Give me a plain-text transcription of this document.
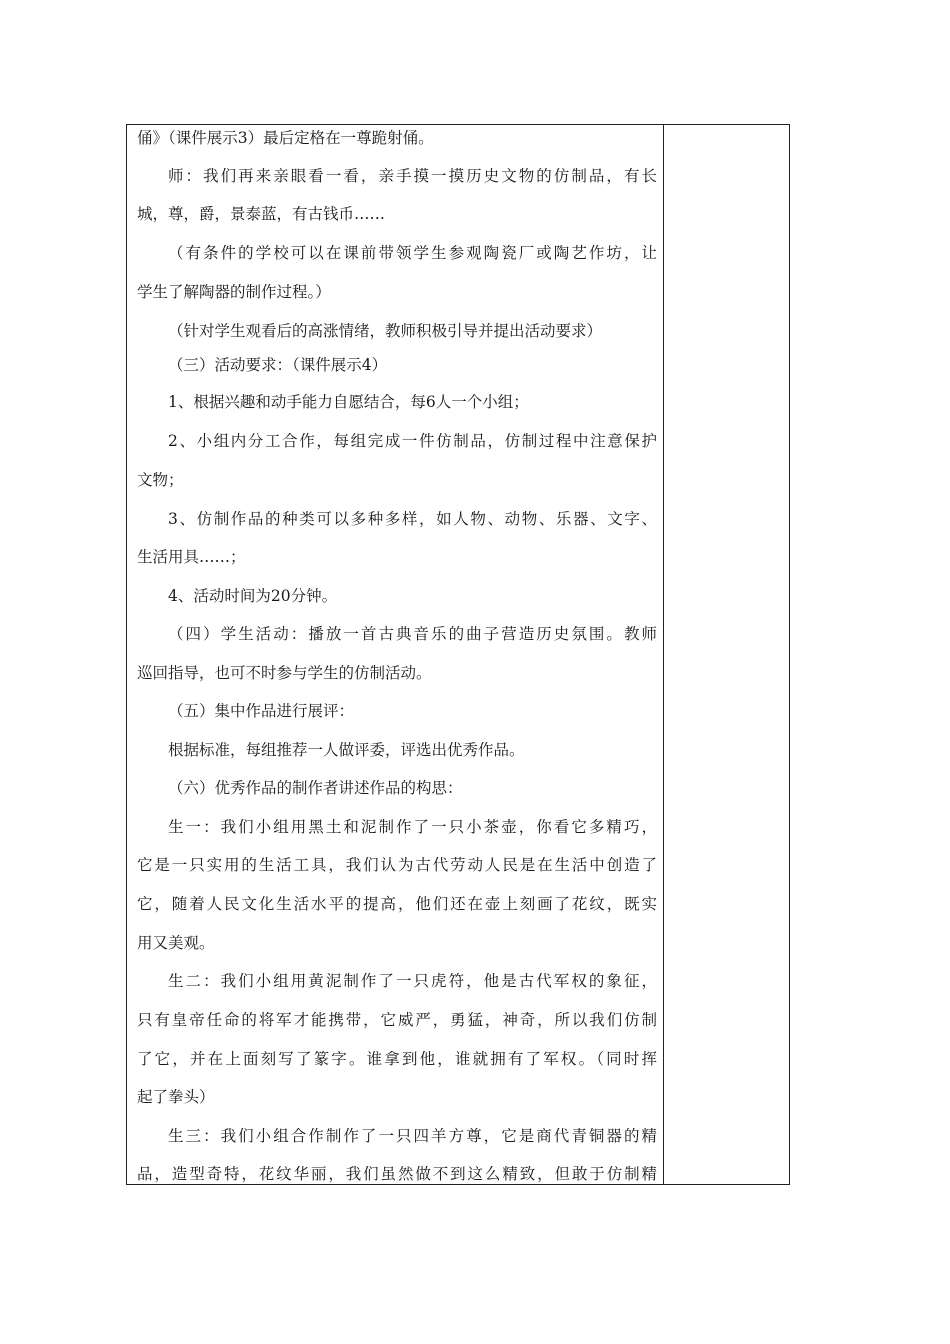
俑》（课件展示3）最后定格在一尊跪射俑。
师：我们再来亲眼看一看，亲手摸一摸历史文物的仿制品，有长
城，尊，爵，景泰蓝，有古钱币……
（有条件的学校可以在课前带领学生参观陶瓷厂或陶艺作坊，让
学生了解陶器的制作过程。）
（针对学生观看后的高涨情绪，教师积极引导并提出活动要求）
（三）活动要求：（课件展示4）
1、根据兴趣和动手能力自愿结合，每6人一个小组；
2、小组内分工合作，每组完成一件仿制品，仿制过程中注意保护
文物；
3、仿制作品的种类可以多种多样，如人物、动物、乐器、文字、
生活用具……；
4、活动时间为20分钟。
（四）学生活动：播放一首古典音乐的曲子营造历史氛围。教师
巡回指导，也可不时参与学生的仿制活动。
（五）集中作品进行展评：
根据标准，每组推荐一人做评委，评选出优秀作品。
（六）优秀作品的制作者讲述作品的构思：
生一：我们小组用黑土和泥制作了一只小茶壶，你看它多精巧，
它是一只实用的生活工具，我们认为古代劳动人民是在生活中创造了
它，随着人民文化生活水平的提高，他们还在壶上刻画了花纹，既实
用又美观。
生二：我们小组用黄泥制作了一只虎符，他是古代军权的象征，
只有皇帝任命的将军才能携带，它威严，勇猛，神奇，所以我们仿制
了它，并在上面刻写了篆字。谁拿到他，谁就拥有了军权。（同时挥
起了拳头）
生三：我们小组合作制作了一只四羊方尊，它是商代青铜器的精
品，造型奇特，花纹华丽，我们虽然做不到这么精致，但敢于仿制精
